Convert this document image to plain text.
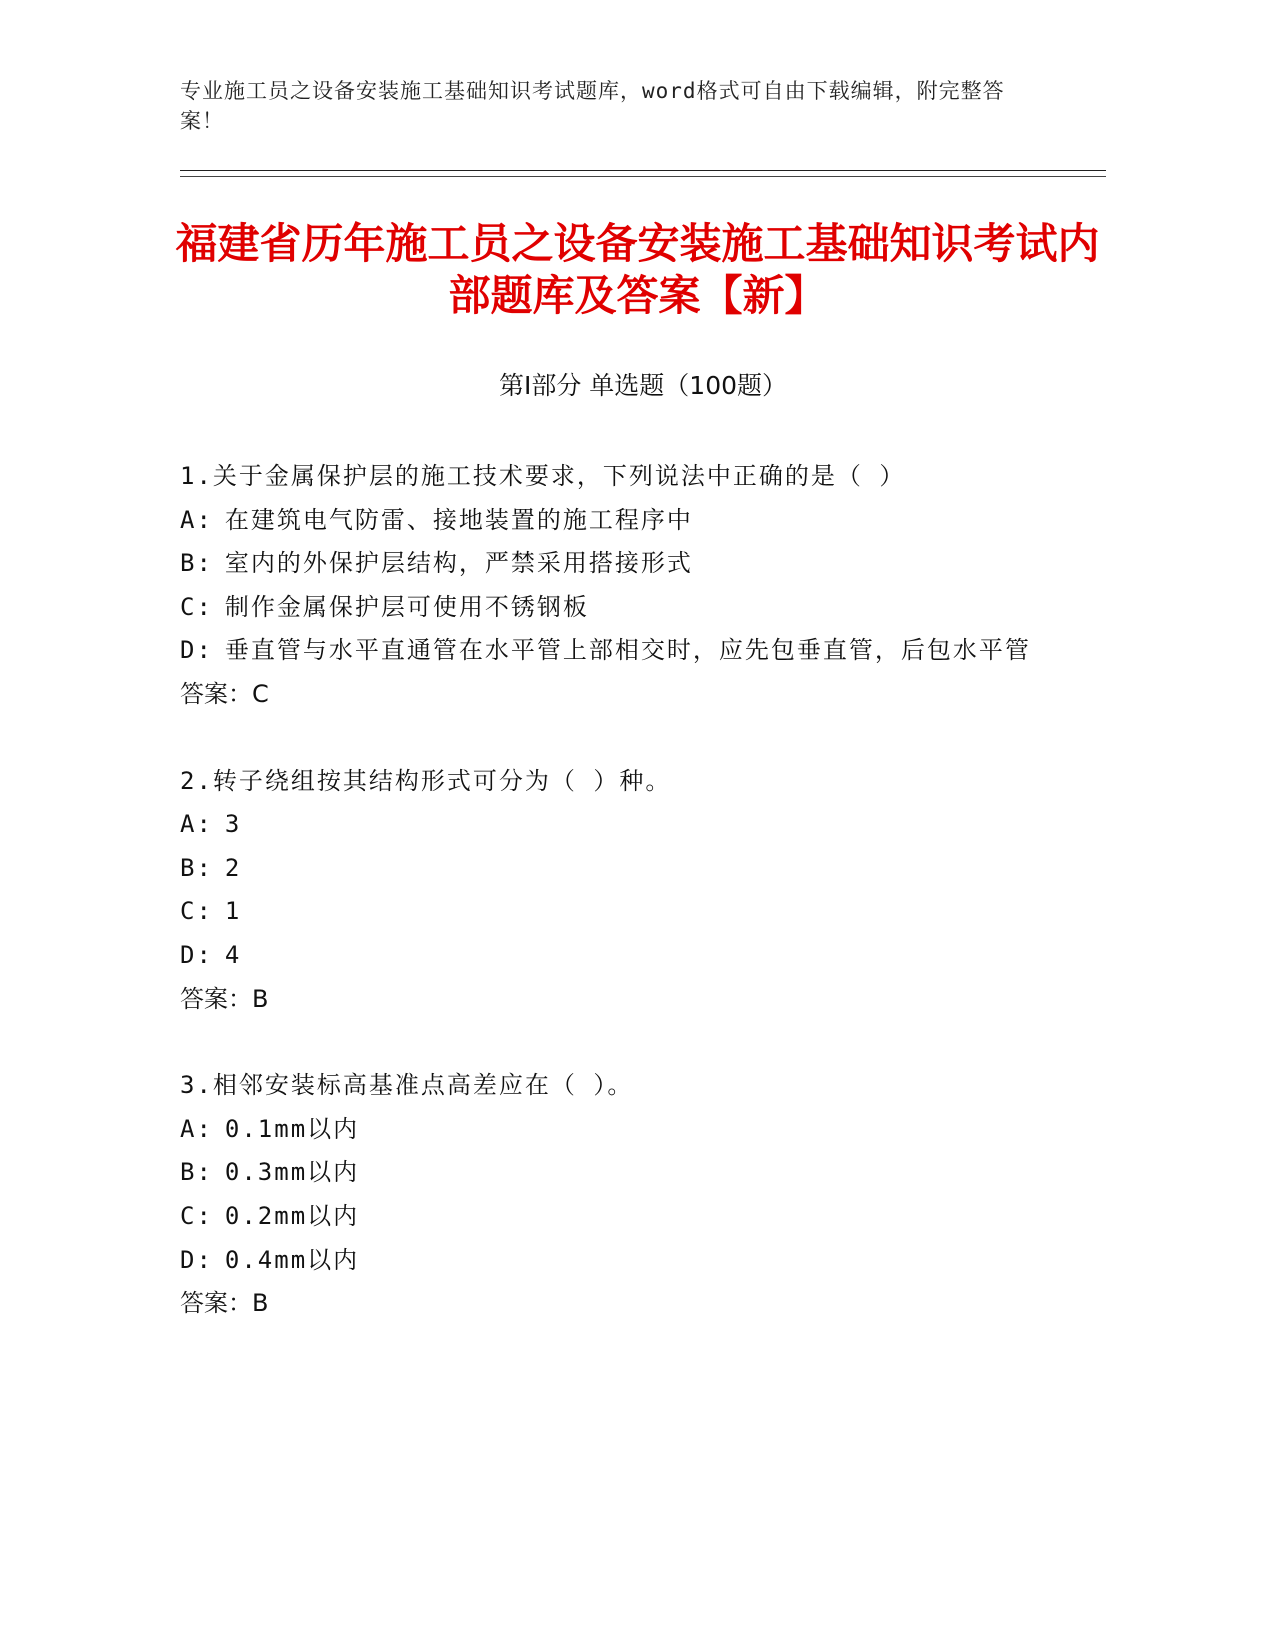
专业施工员之设备安装施工基础知识考试题库，word格式可自由下载编辑，附完整答案！
福建省历年施工员之设备安装施工基础知识考试内部题库及答案【新】
第Ⅰ部分 单选题（100题）
1.关于金属保护层的施工技术要求，下列说法中正确的是（ ）
A: 在建筑电气防雷、接地装置的施工程序中
B: 室内的外保护层结构，严禁采用搭接形式
C: 制作金属保护层可使用不锈钢板
D: 垂直管与水平直通管在水平管上部相交时，应先包垂直管，后包水平管
答案：C
2.转子绕组按其结构形式可分为（ ）种。
A: 3
B: 2
C: 1
D: 4
答案：B
3.相邻安装标高基准点高差应在（ ）。
A: 0.1mm以内
B: 0.3mm以内
C: 0.2mm以内
D: 0.4mm以内
答案：B
